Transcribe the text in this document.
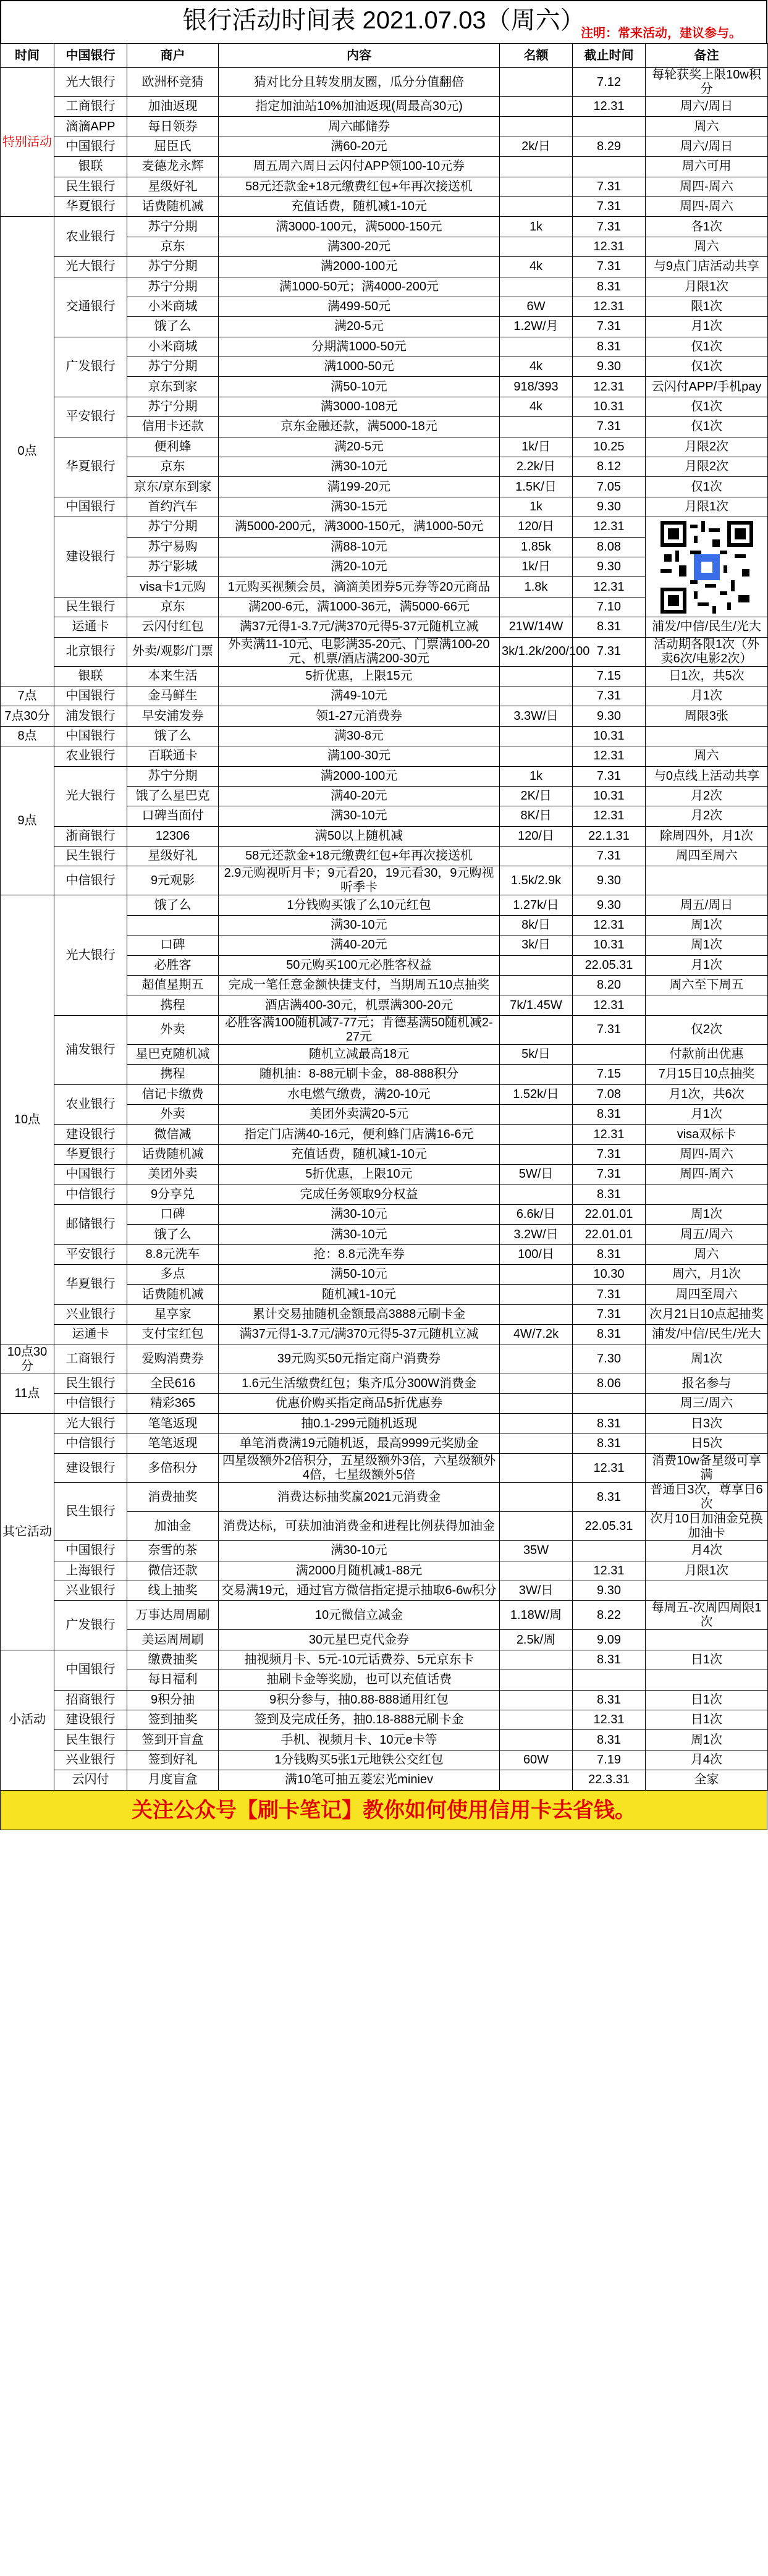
银行活动时间表 2021.07.03（周六）
注明：常来活动，建议参与。
时间	中国银行	商户	内容	名额	截止时间	备注
特别活动	光大银行	欧洲杯竞猜	猜对比分且转发朋友圈，瓜分分值翻倍		7.12	每轮获奖上限10w积分
	工商银行	加油返现	指定加油站10%加油返现(周最高30元)		12.31	周六/周日
	滴滴APP	每日领券	周六邮储券			周六
	中国银行	屈臣氏	满60-20元	2k/日	8.29	周六/周日
	银联	麦德龙永辉	周五周六周日云闪付APP领100-10元券			周六可用
	民生银行	星级好礼	58元还款金+18元缴费红包+年再次接送机		7.31	周四-周六
	华夏银行	话费随机减	充值话费，随机减1-10元		7.31	周四-周六
0点	农业银行	苏宁分期	满3000-100元，满5000-150元	1k	7.31	各1次
		京东	满300-20元		12.31	周六
	光大银行	苏宁分期	满2000-100元	4k	7.31	与9点门店活动共享
	交通银行	苏宁分期	满1000-50元；满4000-200元		8.31	月限1次
		小米商城	满499-50元	6W	12.31	限1次
		饿了么	满20-5元	1.2W/月	7.31	月1次
	广发银行	小米商城	分期满1000-50元		8.31	仅1次
		苏宁分期	满1000-50元	4k	9.30	仅1次
		京东到家	满50-10元	918/393	12.31	云闪付APP/手机pay
	平安银行	苏宁分期	满3000-108元	4k	10.31	仅1次
		信用卡还款	京东金融还款，满5000-18元		7.31	仅1次
	华夏银行	便利蜂	满20-5元	1k/日	10.25	月限2次
		京东	满30-10元	2.2k/日	8.12	月限2次
		京东/京东到家	满199-20元	1.5K/日	7.05	仅1次
	中国银行	首约汽车	满30-15元	1k	9.30	月限1次
	建设银行	苏宁分期	满5000-200元，满3000-150元，满1000-50元	120/日	12.31	

		苏宁易购	满88-10元	1.85k	8.08	
		苏宁影城	满20-10元	1k/日	9.30	
		visa卡1元购	1元购买视频会员，滴滴美团券5元券等20元商品	1.8k	12.31	
	民生银行	京东	满200-6元，满1000-36元，满5000-66元		7.10	
	运通卡	云闪付红包	满37元得1-3.7元/满370元得5-37元随机立减	21W/14W	8.31	浦发/中信/民生/光大
	北京银行	外卖/观影/门票	外卖满11-10元、电影满35-20元、门票满100-20元、机票/酒店满200-30元	3k/1.2k/200/100	7.31	活动期各限1次（外卖6次/电影2次）
	银联	本来生活	5折优惠，上限15元		7.15	日1次，共5次
7点	中国银行	金马鲜生	满49-10元		7.31	月1次
7点30分	浦发银行	早安浦发券	领1-27元消费券	3.3W/日	9.30	周限3张
8点	中国银行	饿了么	满30-8元		10.31	
9点	农业银行	百联通卡	满100-30元		12.31	周六
	光大银行	苏宁分期	满2000-100元	1k	7.31	与0点线上活动共享
		饿了么星巴克	满40-20元	2K/日	10.31	月2次
		口碑当面付	满30-10元	8K/日	12.31	月2次
	浙商银行	12306	满50以上随机减	120/日	22.1.31	除周四外，月1次
	民生银行	星级好礼	58元还款金+18元缴费红包+年再次接送机		7.31	周四至周六
	中信银行	9元观影	2.9元购视听月卡；9元看20，19元看30，9元购视听季卡	1.5k/2.9k	9.30	
10点	光大银行	饿了么	1分钱购买饿了么10元红包	1.27k/日	9.30	周五/周日
			满30-10元	8k/日	12.31	周1次
		口碑	满40-20元	3k/日	10.31	周1次
		必胜客	50元购买100元必胜客权益		22.05.31	月1次
		超值星期五	完成一笔任意金额快捷支付，当期周五10点抽奖		8.20	周六至下周五
		携程	酒店满400-30元，机票满300-20元	7k/1.45W	12.31	
	浦发银行	外卖	必胜客满100随机减7-77元；肯德基满50随机减2-27元		7.31	仅2次
		星巴克随机减	随机立减最高18元	5k/日		付款前出优惠
		携程	随机抽：8-88元刷卡金，88-888积分		7.15	7月15日10点抽奖
	农业银行	信记卡缴费	水电燃气缴费，满20-10元	1.52k/日	7.08	月1次，共6次
		外卖	美团外卖满20-5元		8.31	月1次
	建设银行	微信减	指定门店满40-16元，便利蜂门店满16-6元		12.31	visa双标卡
	华夏银行	话费随机减	充值话费，随机减1-10元		7.31	周四-周六
	中国银行	美团外卖	5折优惠，上限10元	5W/日	7.31	周四-周六
	中信银行	9分享兑	完成任务领取9分权益		8.31	
	邮储银行	口碑	满30-10元	6.6k/日	22.01.01	周1次
		饿了么	满30-10元	3.2W/日	22.01.01	周五/周六
	平安银行	8.8元洗车	抢：8.8元洗车券	100/日	8.31	周六
	华夏银行	多点	满50-10元		10.30	周六，月1次
		话费随机减	随机减1-10元		7.31	周四至周六
	兴业银行	星享家	累计交易抽随机金额最高3888元刷卡金		7.31	次月21日10点起抽奖
	运通卡	支付宝红包	满37元得1-3.7元/满370元得5-37元随机立减	4W/7.2k	8.31	浦发/中信/民生/光大
10点30分	工商银行	爱购消费券	39元购买50元指定商户消费券		7.30	周1次
11点	民生银行	全民616	1.6元生活缴费红包；集齐瓜分300W消费金		8.06	报名参与
	中信银行	精彩365	优惠价购买指定商品5折优惠券			周三/周六
其它活动	光大银行	笔笔返现	抽0.1-299元随机返现		8.31	日3次
	中信银行	笔笔返现	单笔消费满19元随机返，最高9999元奖励金		8.31	日5次
	建设银行	多倍积分	四星级额外2倍积分，五星级额外3倍，六星级额外4倍，七星级额外5倍		12.31	消费10w备星级可享满
	民生银行	消费抽奖	消费达标抽奖赢2021元消费金		8.31	普通日3次，尊享日6次
		加油金	消费达标，可获加油消费金和进程比例获得加油金		22.05.31	次月10日加油金兑换加油卡
	中国银行	奈雪的茶	满30-10元	35W		月4次
	上海银行	微信还款	满2000月随机减1-88元		12.31	月限1次
	兴业银行	线上抽奖	交易满19元，通过官方微信指定提示抽取6-6w积分	3W/日	9.30	
	广发银行	万事达周周刷	10元微信立减金	1.18W/周	8.22	每周五-次周四周限1次
		美运周周刷	30元星巴克代金券	2.5k/周	9.09	
小活动	中国银行	缴费抽奖	抽视频月卡、5元-10元话费券、5元京东卡		8.31	日1次
		每日福利	抽刷卡金等奖励，也可以充值话费			
	招商银行	9积分抽	9积分参与，抽0.88-888通用红包		8.31	日1次
	建设银行	签到抽奖	签到及完成任务，抽0.18-888元刷卡金		12.31	日1次
	民生银行	签到开盲盒	手机、视频月卡、10元e卡等		8.31	周1次
	兴业银行	签到好礼	1分钱购买5张1元地铁公交红包	60W	7.19	月4次
	云闪付	月度盲盒	满10笔可抽五菱宏光miniev		22.3.31	全家
关注公众号【刷卡笔记】教你如何使用信用卡去省钱。
